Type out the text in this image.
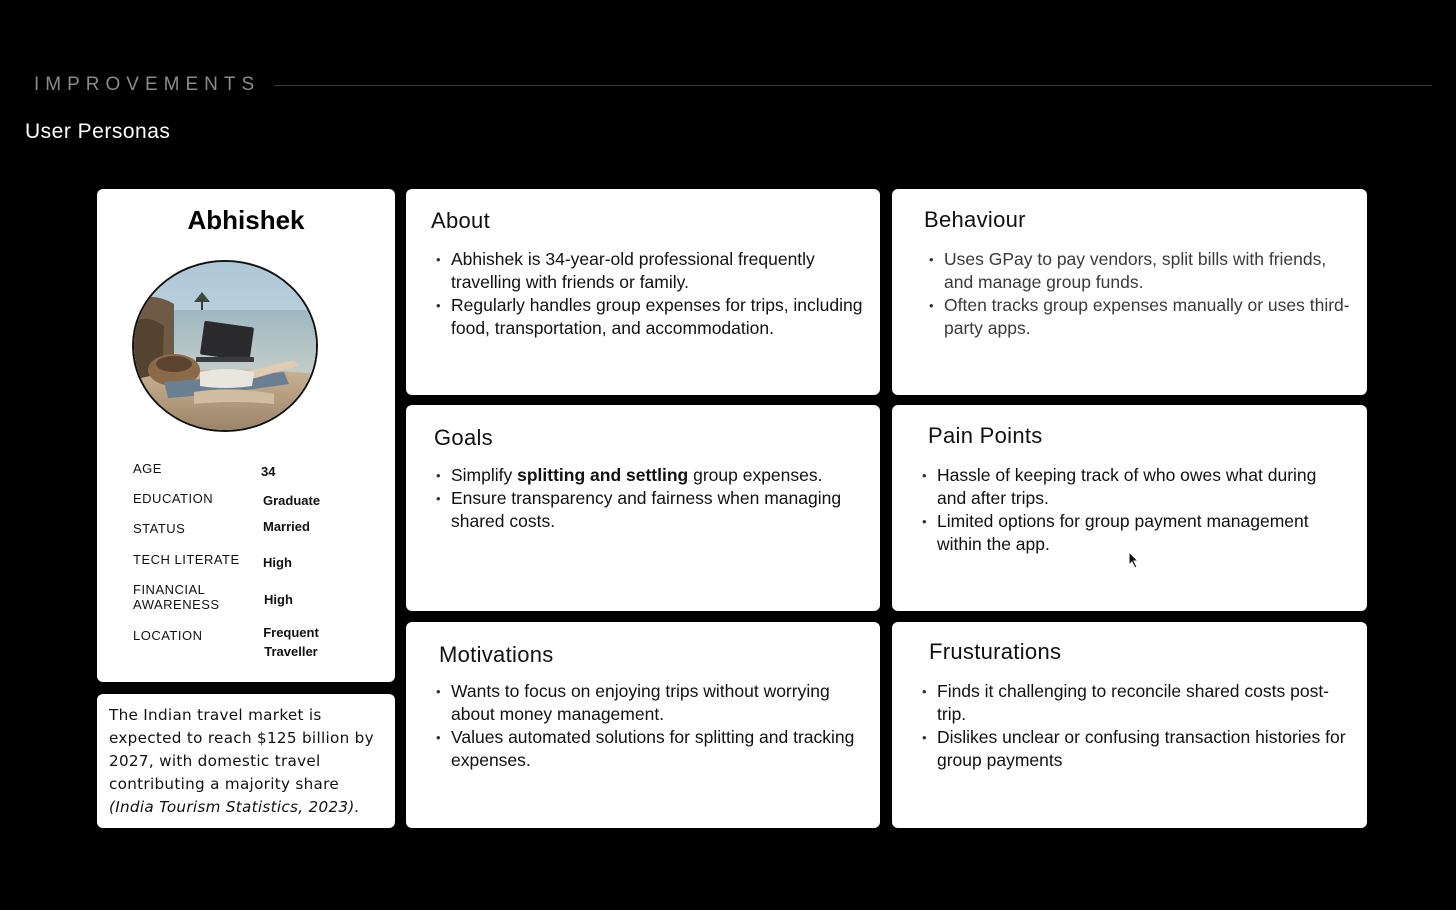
IMPROVEMENTS
User Personas
Abhishek
AGE	34
EDUCATION	Graduate
STATUS	Married
TECH LITERATE High
FINANCIAL AWARENESS	High
LOCATION	Frequent Traveller
The Indian travel market is expected to reach $125 billion by 2027, with domestic travel contributing a majority share (India Tourism Statistics, 2023).
About
• Abhishek is 34-year-old professional frequently travelling with friends or family.
• Regularly handles group expenses for trips, including food, transportation, and accommodation.
Behaviour
• Uses GPay to pay vendors, split bills with friends, and manage group funds.
• Often tracks group expenses manually or uses third-party apps.
Goals
• Simplify splitting and settling group expenses.
• Ensure transparency and fairness when managing shared costs.
Pain Points
• Hassle of keeping track of who owes what during and after trips.
• Limited options for group payment management within the app.
Motivations
• Wants to focus on enjoying trips without worrying about money management.
• Values automated solutions for splitting and tracking expenses.
Frusturations
• Finds it challenging to reconcile shared costs post-trip.
• Dislikes unclear or confusing transaction histories for group payments
